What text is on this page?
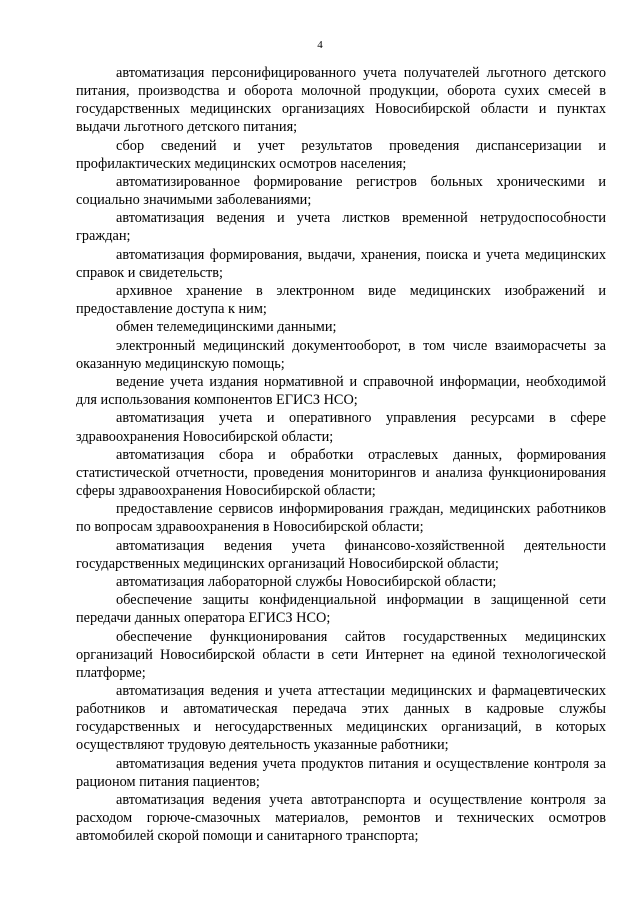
4

автоматизация персонифицированного учета получателей льготного детского питания, производства и оборота молочной продукции, оборота сухих смесей в государственных медицинских организациях Новосибирской области и пунктах выдачи льготного детского питания;

сбор сведений и учет результатов проведения диспансеризации и профилактических медицинских осмотров населения;

автоматизированное формирование регистров больных хроническими и социально значимыми заболеваниями;

автоматизация ведения и учета листков временной нетрудоспособности граждан;

автоматизация формирования, выдачи, хранения, поиска и учета медицинских справок и свидетельств;

архивное хранение в электронном виде медицинских изображений и предоставление доступа к ним;

обмен телемедицинскими данными;

электронный медицинский документооборот, в том числе взаиморасчеты за оказанную медицинскую помощь;

ведение учета издания нормативной и справочной информации, необходимой для использования компонентов ЕГИСЗ НСО;

автоматизация учета и оперативного управления ресурсами в сфере здравоохранения Новосибирской области;

автоматизация сбора и обработки отраслевых данных, формирования статистической отчетности, проведения мониторингов и анализа функционирования сферы здравоохранения Новосибирской области;

предоставление сервисов информирования граждан, медицинских работников по вопросам здравоохранения в Новосибирской области;

автоматизация ведения учета финансово-хозяйственной деятельности государственных медицинских организаций Новосибирской области;

автоматизация лабораторной службы Новосибирской области;

обеспечение защиты конфиденциальной информации в защищенной сети передачи данных оператора ЕГИСЗ НСО;

обеспечение функционирования сайтов государственных медицинских организаций Новосибирской области в сети Интернет на единой технологической платформе;

автоматизация ведения и учета аттестации медицинских и фармацевтических работников и автоматическая передача этих данных в кадровые службы государственных и негосударственных медицинских организаций, в которых осуществляют трудовую деятельность указанные работники;

автоматизация ведения учета продуктов питания и осуществление контроля за рационом питания пациентов;

автоматизация ведения учета автотранспорта и осуществление контроля за расходом горюче-смазочных материалов, ремонтов и технических осмотров автомобилей скорой помощи и санитарного транспорта;
